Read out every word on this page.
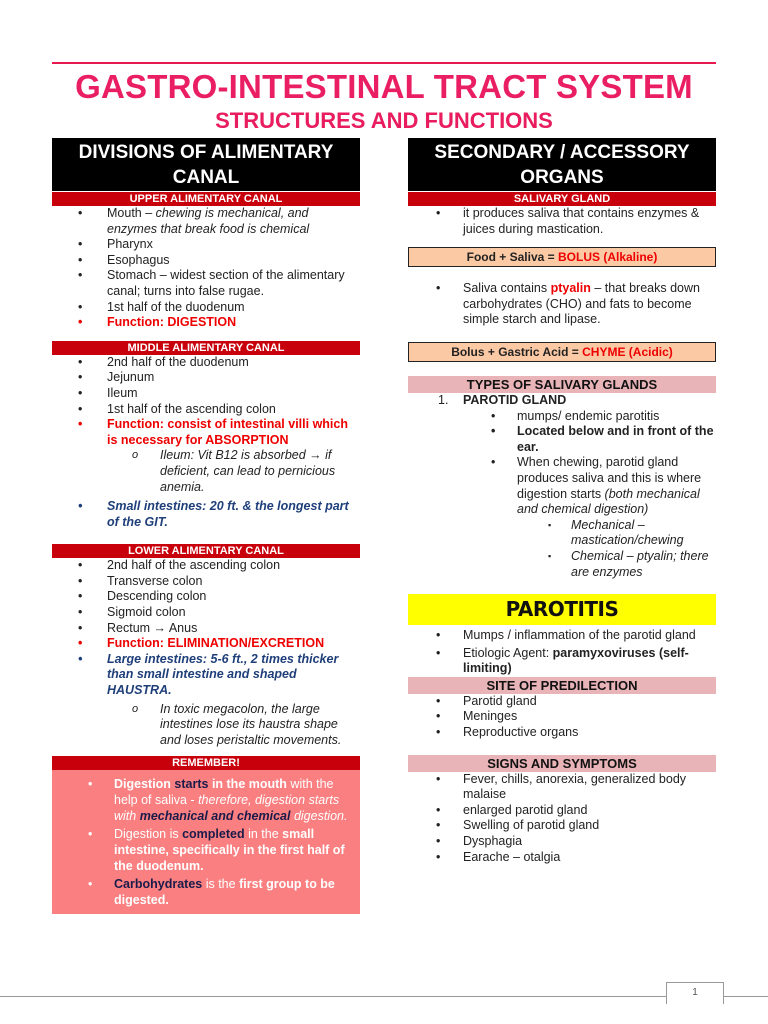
GASTRO-INTESTINAL TRACT SYSTEM
STRUCTURES AND FUNCTIONS
DIVISIONS OF ALIMENTARY CANAL
UPPER ALIMENTARY CANAL
• Mouth – chewing is mechanical, and enzymes that break food is chemical
• Pharynx
• Esophagus
• Stomach – widest section of the alimentary canal; turns into false rugae.
• 1st half of the duodenum
• Function: DIGESTION
MIDDLE ALIMENTARY CANAL
• 2nd half of the duodenum
• Jejunum
• Ileum
• 1st half of the ascending colon
• Function: consist of intestinal villi which is necessary for ABSORPTION
o Ileum: Vit B12 is absorbed → if deficient, can lead to pernicious anemia.
• Small intestines: 20 ft. & the longest part of the GIT.
LOWER ALIMENTARY CANAL
• 2nd half of the ascending colon
• Transverse colon
• Descending colon
• Sigmoid colon
• Rectum → Anus
• Function: ELIMINATION/EXCRETION
• Large intestines: 5-6 ft., 2 times thicker than small intestine and shaped HAUSTRA.
o In toxic megacolon, the large intestines lose its haustra shape and loses peristaltic movements.
REMEMBER!
• Digestion starts in the mouth with the help of saliva - therefore, digestion starts with mechanical and chemical digestion.
• Digestion is completed in the small intestine, specifically in the first half of the duodenum.
• Carbohydrates is the first group to be digested.
SECONDARY / ACCESSORY ORGANS
SALIVARY GLAND
• it produces saliva that contains enzymes & juices during mastication.
Food + Saliva = BOLUS (Alkaline)
• Saliva contains ptyalin – that breaks down carbohydrates (CHO) and fats to become simple starch and lipase.
Bolus + Gastric Acid = CHYME (Acidic)
TYPES OF SALIVARY GLANDS
1. PAROTID GLAND
• mumps/ endemic parotitis
• Located below and in front of the ear.
• When chewing, parotid gland produces saliva and this is where digestion starts (both mechanical and chemical digestion)
▪ Mechanical – mastication/chewing
▪ Chemical – ptyalin; there are enzymes
PAROTITIS
• Mumps / inflammation of the parotid gland
• Etiologic Agent: paramyxoviruses (self-limiting)
SITE OF PREDILECTION
• Parotid gland
• Meninges
• Reproductive organs
SIGNS AND SYMPTOMS
• Fever, chills, anorexia, generalized body malaise
• enlarged parotid gland
• Swelling of parotid gland
• Dysphagia
• Earache – otalgia
1
